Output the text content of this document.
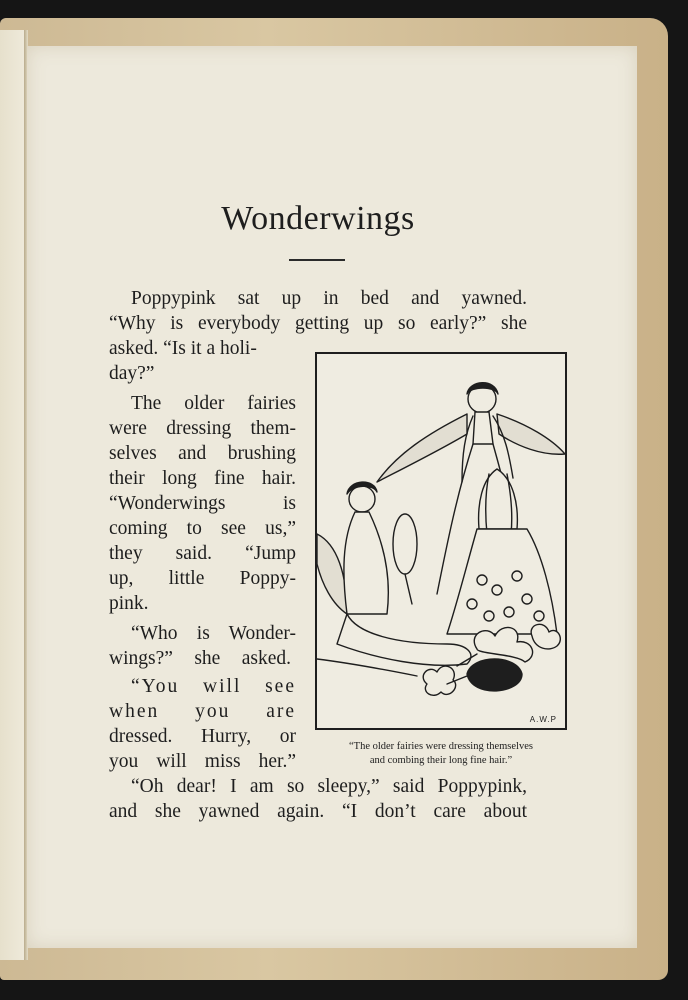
Wonderwings
Poppypink sat up in bed and yawned.
“Why is everybody getting up so early?” she
asked. “Is it a holi-
day?”
The older fairies
were dressing them-
selves and brushing
their long fine hair.
“Wonderwings is
coming to see us,”
they said. “Jump
up, little Poppy-
pink.
“Who is Wonder-
wings?” she asked.
“You will see
when you are
dressed. Hurry, or
you will miss her.”
“Oh dear! I am so sleepy,” said Poppypink,
and she yawned again. “I don’t care about
A.W.P
“The older fairies were dressing themselves
and combing their long fine hair.”
